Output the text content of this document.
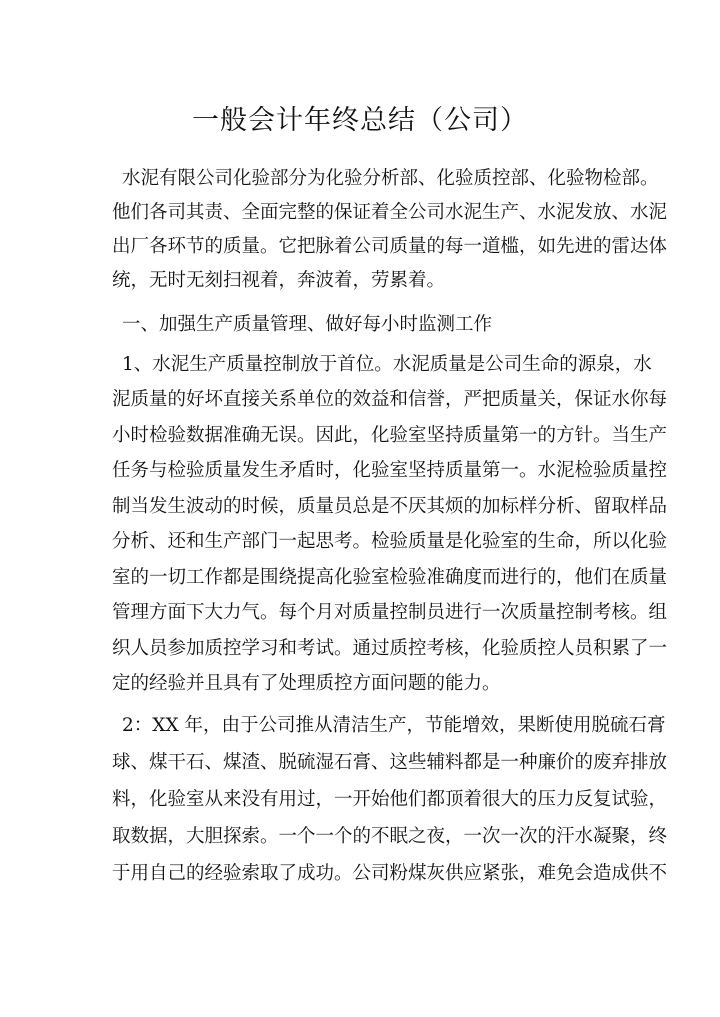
一般会计年终总结（公司）
水泥有限公司化验部分为化验分析部、化验质控部、化验物检部。
他们各司其责、全面完整的保证着全公司水泥生产、水泥发放、水泥
出厂各环节的质量。它把脉着公司质量的每一道槛，如先进的雷达体
统，无时无刻扫视着，奔波着，劳累着。
一、加强生产质量管理、做好每小时监测工作
1、水泥生产质量控制放于首位。水泥质量是公司生命的源泉，水
泥质量的好坏直接关系单位的效益和信誉，严把质量关，保证水你每
小时检验数据准确无误。因此，化验室坚持质量第一的方针。当生产
任务与检验质量发生矛盾时，化验室坚持质量第一。水泥检验质量控
制当发生波动的时候，质量员总是不厌其烦的加标样分析、留取样品
分析、还和生产部门一起思考。检验质量是化验室的生命，所以化验
室的一切工作都是围绕提高化验室检验准确度而进行的，他们在质量
管理方面下大力气。每个月对质量控制员进行一次质量控制考核。组
织人员参加质控学习和考试。通过质控考核，化验质控人员积累了一
定的经验并且具有了处理质控方面问题的能力。
2：XX 年，由于公司推从清洁生产，节能增效，果断使用脱硫石膏
球、煤干石、煤渣、脱硫湿石膏、这些辅料都是一种廉价的废弃排放
料，化验室从来没有用过，一开始他们都顶着很大的压力反复试验，
取数据，大胆探索。一个一个的不眠之夜，一次一次的汗水凝聚，终
于用自己的经验索取了成功。公司粉煤灰供应紧张，难免会造成供不
